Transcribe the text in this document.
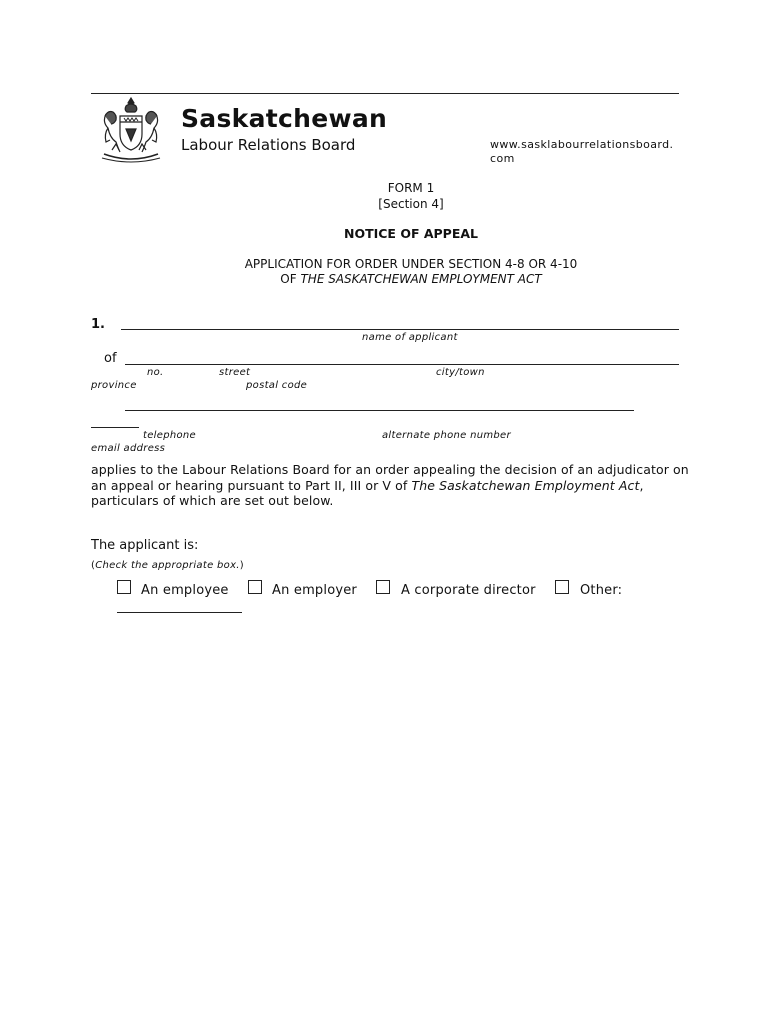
Saskatchewan
Labour Relations Board	www.sasklabourrelationsboard.com
FORM 1
[Section 4]
NOTICE OF APPEAL
APPLICATION FOR ORDER UNDER SECTION 4-8 OR 4-10
OF THE SASKATCHEWAN EMPLOYMENT ACT
1.
name of applicant
of
no.	street	city/town
province	postal code
telephone	alternate phone number
email address
applies to the Labour Relations Board for an order appealing the decision of an adjudicator on an appeal or hearing pursuant to Part II, III or V of The Saskatchewan Employment Act, particulars of which are set out below.
The applicant is:
(Check the appropriate box.)
An employee	An employer	A corporate director	Other:
